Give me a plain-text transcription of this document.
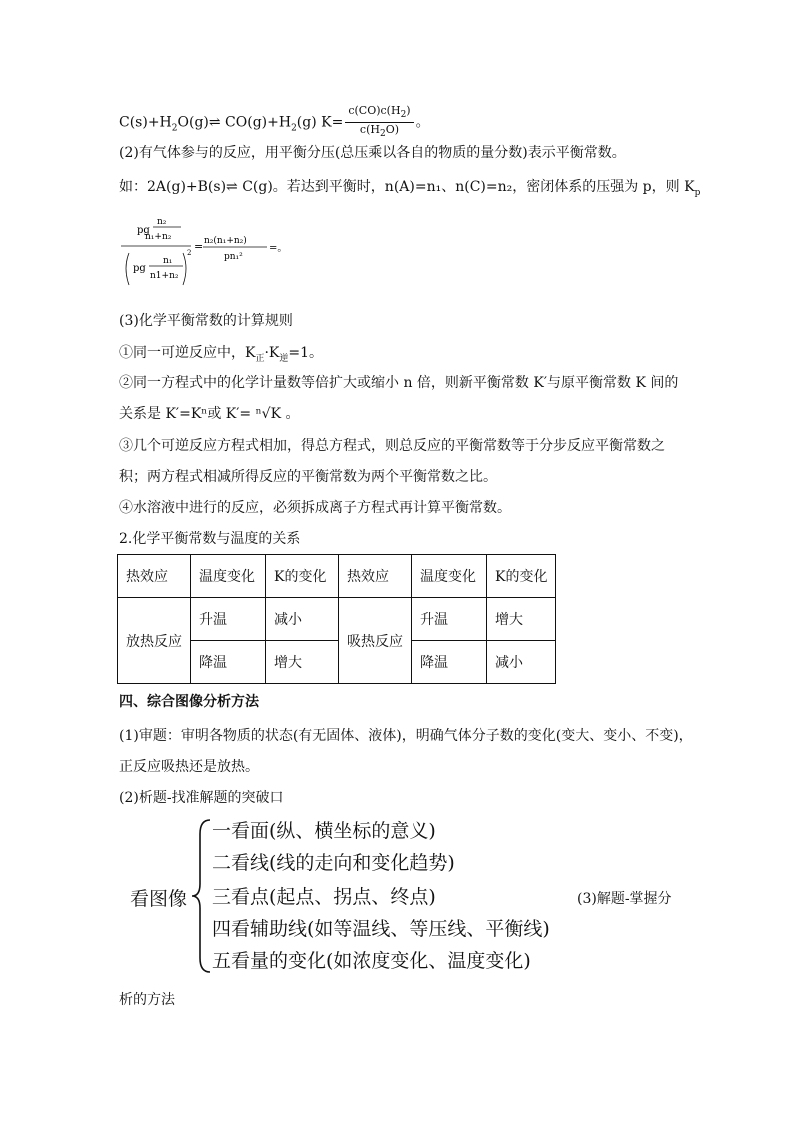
$C(s)+H_2O(g)\rightleftharpoons$ $CO(g)+H_2(g)$ $K= \frac{c(CO)c(H_2)}{c(H_2O)}$ 。
(2)有气体参与的反应，用平衡分压(总压乘以各自的物质的量分数)表示平衡常数。
如：2A(g)+B(s)⇌ C(g)。若达到平衡时，n(A)=n₁、n(C)=n₂，密闭体系的压强为 p，则 $K_p$
pg
n₂
n₁+n₂
pg
n₁
n1+n₂
2 = n₂(n₁+n₂)
pn₁²
=。
(3)化学平衡常数的计算规则
①同一可逆反应中，$K_正\cdot K_逆=1$。
②同一方程式中的化学计量数等倍扩大或缩小 n 倍，则新平衡常数 K′与原平衡常数 K 间的
关系是 K′=Kⁿ或 K′= ⁿ√K 。
③几个可逆反应方程式相加，得总方程式，则总反应的平衡常数等于分步反应平衡常数之
积；两方程式相减所得反应的平衡常数为两个平衡常数之比。
④水溶液中进行的反应，必须拆成离子方程式再计算平衡常数。
2.化学平衡常数与温度的关系
热效应	温度变化	K的变化	热效应	温度变化	K的变化
放热反应	升温	减小	吸热反应	升温	增大
	降温	增大		降温	减小
四、综合图像分析方法
(1)审题：审明各物质的状态(有无固体、液体)，明确气体分子数的变化(变大、变小、不变)，
正反应吸热还是放热。
(2)析题-找准解题的突破口
看图像
一看面(纵、横坐标的意义)
二看线(线的走向和变化趋势)
三看点(起点、拐点、终点)
四看辅助线(如等温线、等压线、平衡线)
五看量的变化(如浓度变化、温度变化)
(3)解题-掌握分
析的方法
